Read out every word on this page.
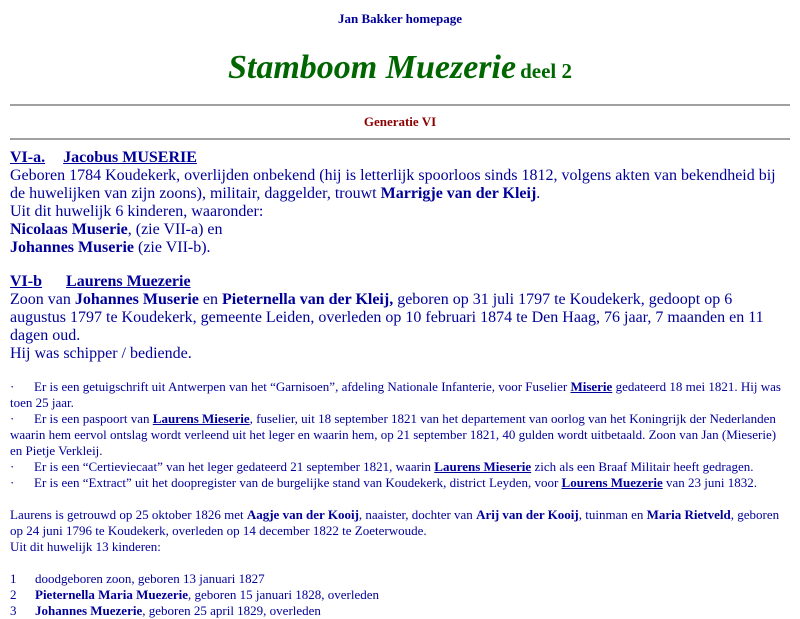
Jan Bakker homepage
Stamboom Muezerie deel 2
Generatie VI
VI-a. Jacobus MUSERIE
Geboren 1784 Koudekerk, overlijden onbekend (hij is letterlijk spoorloos sinds 1812, volgens akten van bekendheid bij de huwelijken van zijn zoons), militair, daggelder, trouwt Marrigje van der Kleij.
Uit dit huwelijk 6 kinderen, waaronder:
Nicolaas Muserie, (zie VII-a) en
Johannes Muserie (zie VII-b).
VI-b Laurens Muezerie
Zoon van Johannes Muserie en Pieternella van der Kleij, geboren op 31 juli 1797 te Koudekerk, gedoopt op 6 augustus 1797 te Koudekerk, gemeente Leiden, overleden op 10 februari 1874 te Den Haag, 76 jaar, 7 maanden en 11 dagen oud.
Hij was schipper / bediende.
· Er is een getuigschrift uit Antwerpen van het “Garnisoen”, afdeling Nationale Infanterie, voor Fuselier Miserie gedateerd 18 mei 1821. Hij was toen 25 jaar.
· Er is een paspoort van Laurens Mieserie, fuselier, uit 18 september 1821 van het departement van oorlog van het Koningrijk der Nederlanden waarin hem eervol ontslag wordt verleend uit het leger en waarin hem, op 21 september 1821, 40 gulden wordt uitbetaald. Zoon van Jan (Mieserie) en Pietje Verkleij.
· Er is een “Certieviecaat” van het leger gedateerd 21 september 1821, waarin Laurens Mieserie zich als een Braaf Militair heeft gedragen.
· Er is een “Extract” uit het doopregister van de burgelijke stand van Koudekerk, district Leyden, voor Lourens Muezerie van 23 juni 1832.
Laurens is getrouwd op 25 oktober 1826 met Aagje van der Kooij, naaister, dochter van Arij van der Kooij, tuinman en Maria Rietveld, geboren op 24 juni 1796 te Koudekerk, overleden op 14 december 1822 te Zoeterwoude.
Uit dit huwelijk 13 kinderen:
1 doodgeboren zoon, geboren 13 januari 1827
2 Pieternella Maria Muezerie, geboren 15 januari 1828, overleden
3 Johannes Muezerie, geboren 25 april 1829, overleden
